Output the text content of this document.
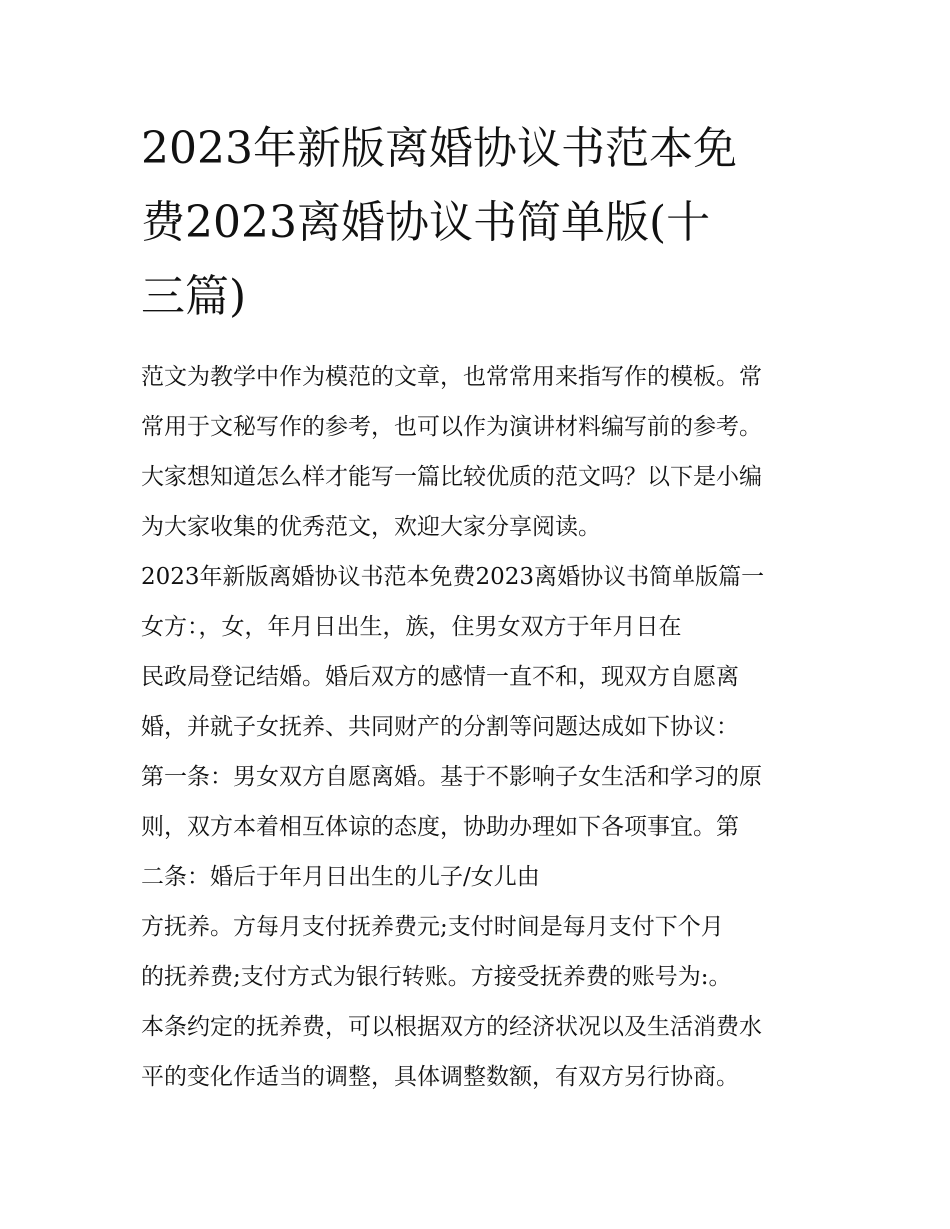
2023年新版离婚协议书范本免
费2023离婚协议书简单版(十
三篇)
范文为教学中作为模范的文章，也常常用来指写作的模板。常
常用于文秘写作的参考，也可以作为演讲材料编写前的参考。
大家想知道怎么样才能写一篇比较优质的范文吗？以下是小编
为大家收集的优秀范文，欢迎大家分享阅读。
2023年新版离婚协议书范本免费2023离婚协议书简单版篇一
女方：，女，年月日出生，族，住男女双方于年月日在
民政局登记结婚。婚后双方的感情一直不和，现双方自愿离
婚，并就子女抚养、共同财产的分割等问题达成如下协议：
第一条：男女双方自愿离婚。基于不影响子女生活和学习的原
则，双方本着相互体谅的态度，协助办理如下各项事宜。第
二条：婚后于年月日出生的儿子/女儿由
方抚养。方每月支付抚养费元;支付时间是每月支付下个月
的抚养费;支付方式为银行转账。方接受抚养费的账号为:。
本条约定的抚养费，可以根据双方的经济状况以及生活消费水
平的变化作适当的调整，具体调整数额，有双方另行协商。
